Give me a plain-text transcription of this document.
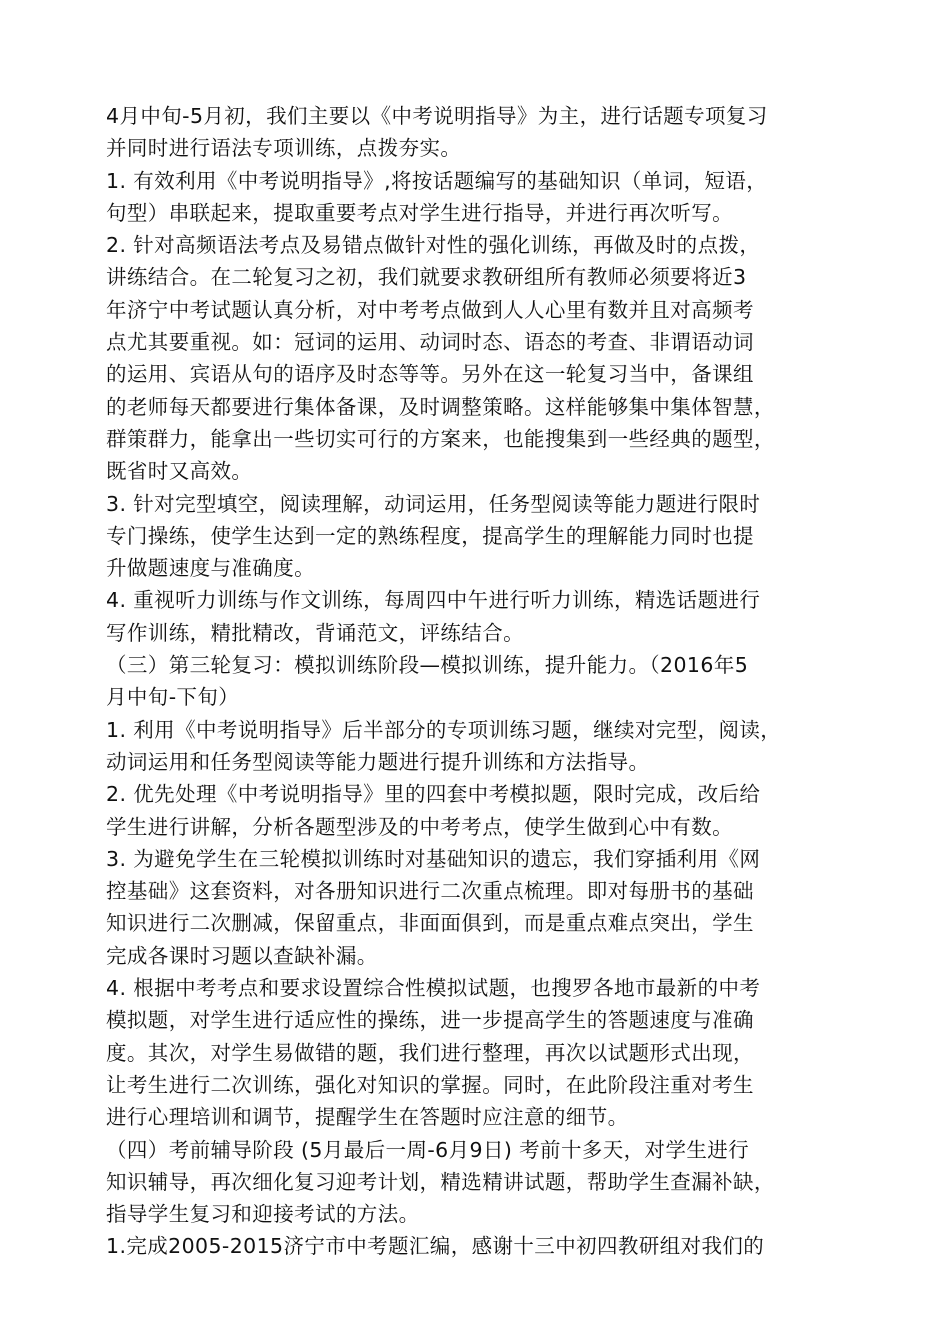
4月中旬-5月初，我们主要以《中考说明指导》为主，进行话题专项复习
并同时进行语法专项训练，点拨夯实。
1. 有效利用《中考说明指导》,将按话题编写的基础知识（单词，短语，
句型）串联起来，提取重要考点对学生进行指导，并进行再次听写。
2. 针对高频语法考点及易错点做针对性的强化训练，再做及时的点拨，
讲练结合。在二轮复习之初，我们就要求教研组所有教师必须要将近3
年济宁中考试题认真分析，对中考考点做到人人心里有数并且对高频考
点尤其要重视。如：冠词的运用、动词时态、语态的考查、非谓语动词
的运用、宾语从句的语序及时态等等。另外在这一轮复习当中，备课组
的老师每天都要进行集体备课，及时调整策略。这样能够集中集体智慧，
群策群力，能拿出一些切实可行的方案来，也能搜集到一些经典的题型，
既省时又高效。
3. 针对完型填空，阅读理解，动词运用，任务型阅读等能力题进行限时
专门操练，使学生达到一定的熟练程度，提高学生的理解能力同时也提
升做题速度与准确度。
4. 重视听力训练与作文训练，每周四中午进行听力训练，精选话题进行
写作训练，精批精改，背诵范文，评练结合。
（三）第三轮复习：模拟训练阶段—模拟训练，提升能力。（2016年5
月中旬-下旬）
1. 利用《中考说明指导》后半部分的专项训练习题，继续对完型，阅读，
动词运用和任务型阅读等能力题进行提升训练和方法指导。
2. 优先处理《中考说明指导》里的四套中考模拟题，限时完成，改后给
学生进行讲解，分析各题型涉及的中考考点，使学生做到心中有数。
3. 为避免学生在三轮模拟训练时对基础知识的遗忘，我们穿插利用《网
控基础》这套资料，对各册知识进行二次重点梳理。即对每册书的基础
知识进行二次删减，保留重点，非面面俱到，而是重点难点突出，学生
完成各课时习题以查缺补漏。
4. 根据中考考点和要求设置综合性模拟试题，也搜罗各地市最新的中考
模拟题，对学生进行适应性的操练，进一步提高学生的答题速度与准确
度。其次，对学生易做错的题，我们进行整理，再次以试题形式出现，
让考生进行二次训练，强化对知识的掌握。同时，在此阶段注重对考生
进行心理培训和调节，提醒学生在答题时应注意的细节。
（四）考前辅导阶段 (5月最后一周-6月9日) 考前十多天，对学生进行
知识辅导，再次细化复习迎考计划，精选精讲试题，帮助学生查漏补缺，
指导学生复习和迎接考试的方法。
1.完成2005-2015济宁市中考题汇编，感谢十三中初四教研组对我们的
